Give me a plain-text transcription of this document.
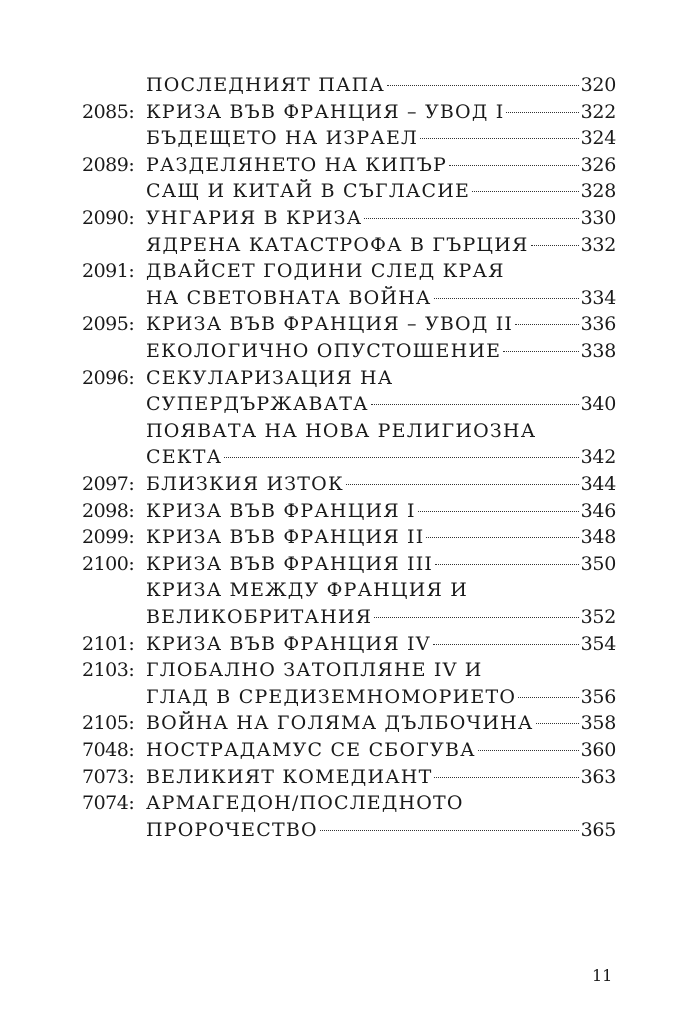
ПОСЛЕДНИЯТ ПАПА	320
2085: КРИЗА ВЪВ ФРАНЦИЯ – УВОД I	322
БЪДЕЩЕТО НА ИЗРАЕЛ	324
2089: РАЗДЕЛЯНЕТО НА КИПЪР	326
САЩ И КИТАЙ В СЪГЛАСИЕ	328
2090: УНГАРИЯ В КРИЗА	330
ЯДРЕНА КАТАСТРОФА В ГЪРЦИЯ	332
2091: ДВАЙСЕТ ГОДИНИ СЛЕД КРАЯ
НА СВЕТОВНАТА ВОЙНА	334
2095: КРИЗА ВЪВ ФРАНЦИЯ – УВОД II	336
ЕКОЛОГИЧНО ОПУСТОШЕНИЕ	338
2096: СЕКУЛАРИЗАЦИЯ НА
СУПЕРДЪРЖАВАТА	340
ПОЯВАТА НА НОВА РЕЛИГИОЗНА
СЕКТА	342
2097: БЛИЗКИЯ ИЗТОК	344
2098: КРИЗА ВЪВ ФРАНЦИЯ I	346
2099: КРИЗА ВЪВ ФРАНЦИЯ II	348
2100: КРИЗА ВЪВ ФРАНЦИЯ III	350
КРИЗА МЕЖДУ ФРАНЦИЯ И
ВЕЛИКОБРИТАНИЯ	352
2101: КРИЗА ВЪВ ФРАНЦИЯ IV	354
2103: ГЛОБАЛНО ЗАТОПЛЯНЕ IV И
ГЛАД В СРЕДИЗЕМНОМОРИЕТО	356
2105: ВОЙНА НА ГОЛЯМА ДЪЛБОЧИНА 358
7048: НОСТРАДАМУС СЕ СБОГУВА	360
7073: ВЕЛИКИЯТ КОМЕДИАНТ	363
7074: АРМАГЕДОН/ПОСЛЕДНОТО
ПРОРОЧЕСТВО	365
11
